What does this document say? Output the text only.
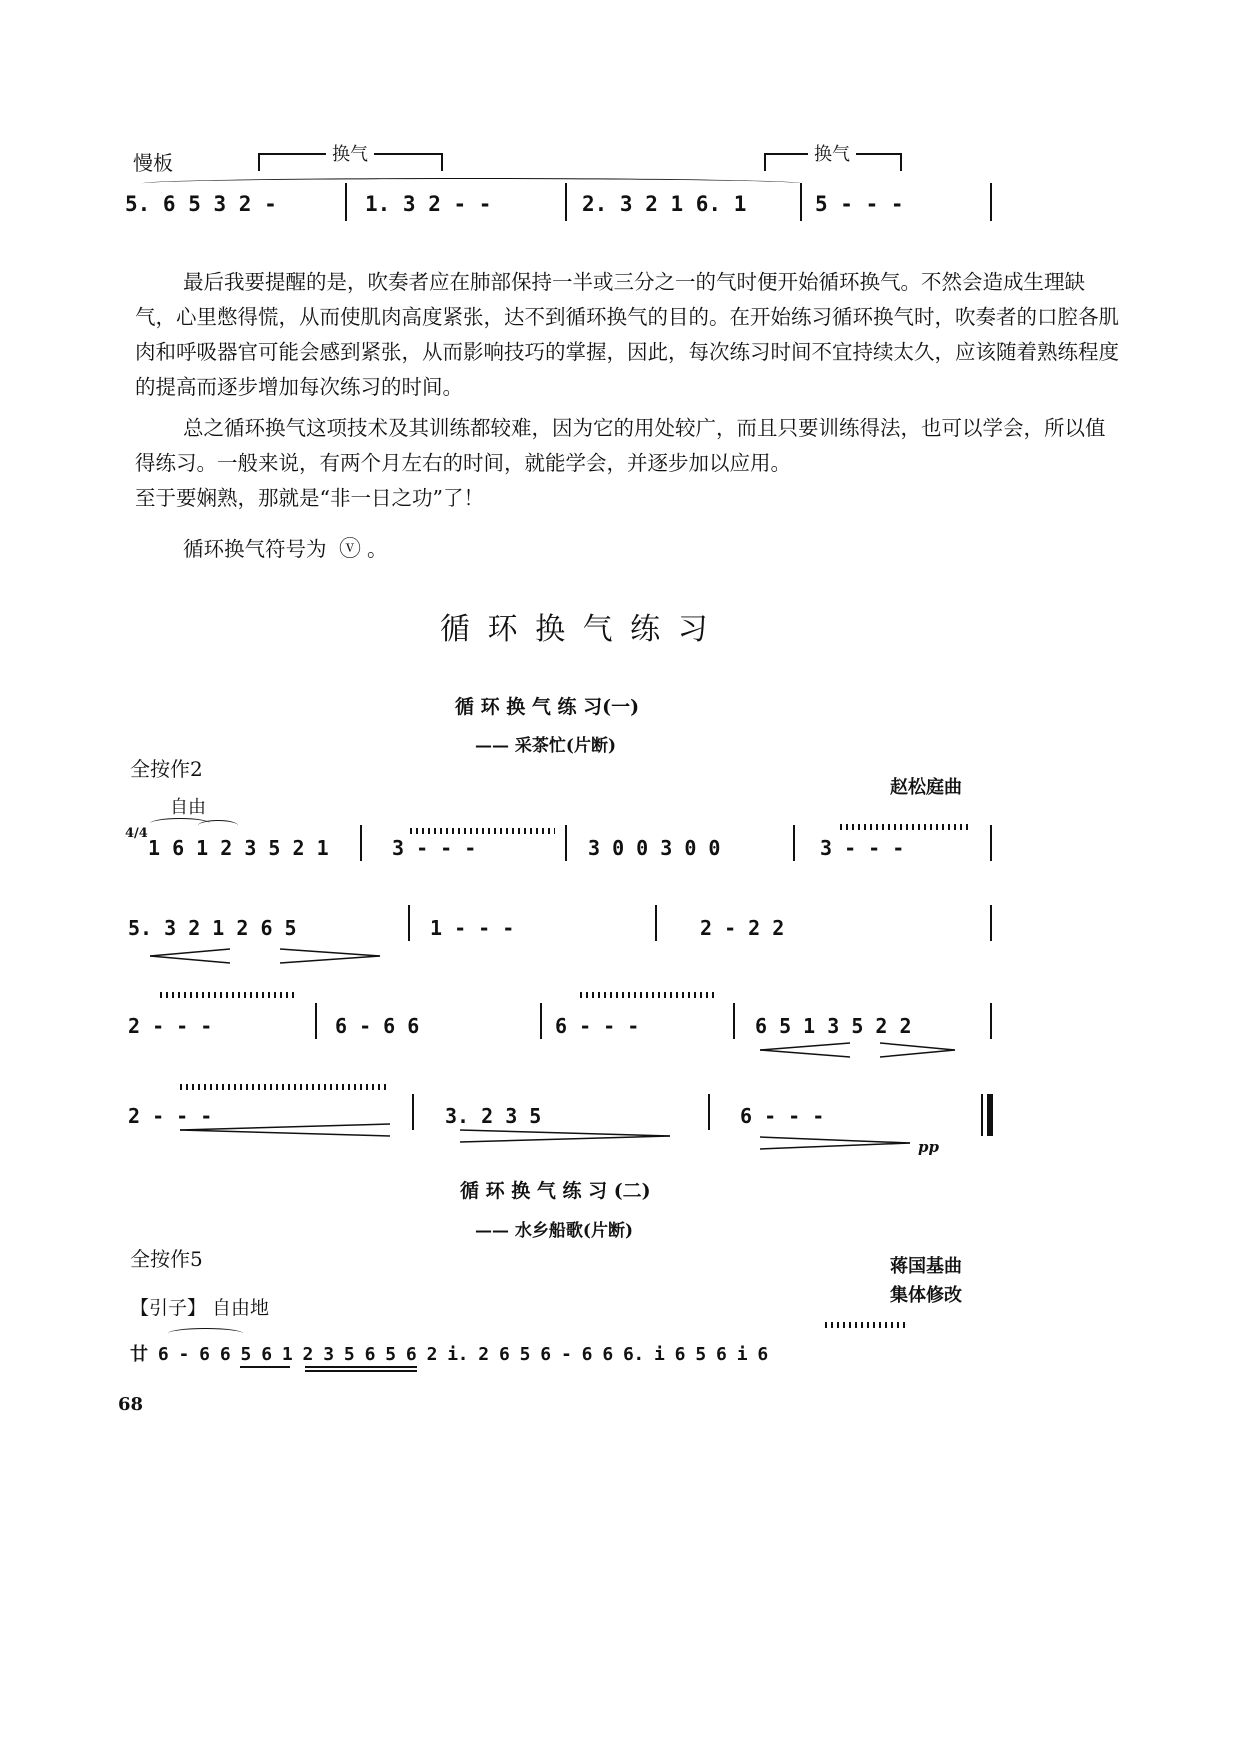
慢板	换气	换气
5. 6 5 3 2 -	1. 3 2 - -	2. 3 2 1 6. 1	5 - - -

最后我要提醒的是，吹奏者应在肺部保持一半或三分之一的气时便开始循环换气。不然会造成生理缺气，心里憋得慌，从而使肌肉高度紧张，达不到循环换气的目的。在开始练习循环换气时，吹奏者的口腔各肌肉和呼吸器官可能会感到紧张，从而影响技巧的掌握，因此，每次练习时间不宜持续太久，应该随着熟练程度的提高而逐步增加每次练习的时间。

总之循环换气这项技术及其训练都较难，因为它的用处较广，而且只要训练得法，也可以学会，所以值得练习。一般来说，有两个月左右的时间，就能学会，并逐步加以应用。

至于要娴熟，那就是“非一日之功”了！

循环换气符号为 ⓥ 。

循 环 换 气 练 习
循 环 换 气 练 习(一)
—— 采茶忙(片断)
全按作2
赵松庭曲
自由
4/4
1 6 1 2 3 5 2 1	3 - - -	3 0 0 3 0 0	3 - - -
5. 3 2 1 2 6 5	1 - - -	2 - 2 2
2 - - -	6 - 6 6	6 - - -	6 5 1 3 5 2 2
2 - - -	3. 2 3 5	6 - - -
pp
循 环 换 气 练 习 (二)
—— 水乡船歌(片断)
全按作5	蒋国基曲
集体修改
【引子】 自由地
廿 6 - 6 6 5 6 1 2 3 5 6 5 6 2 i. 2 6 5 6 - 6 6 6. i 6 5 6 i 6
68
